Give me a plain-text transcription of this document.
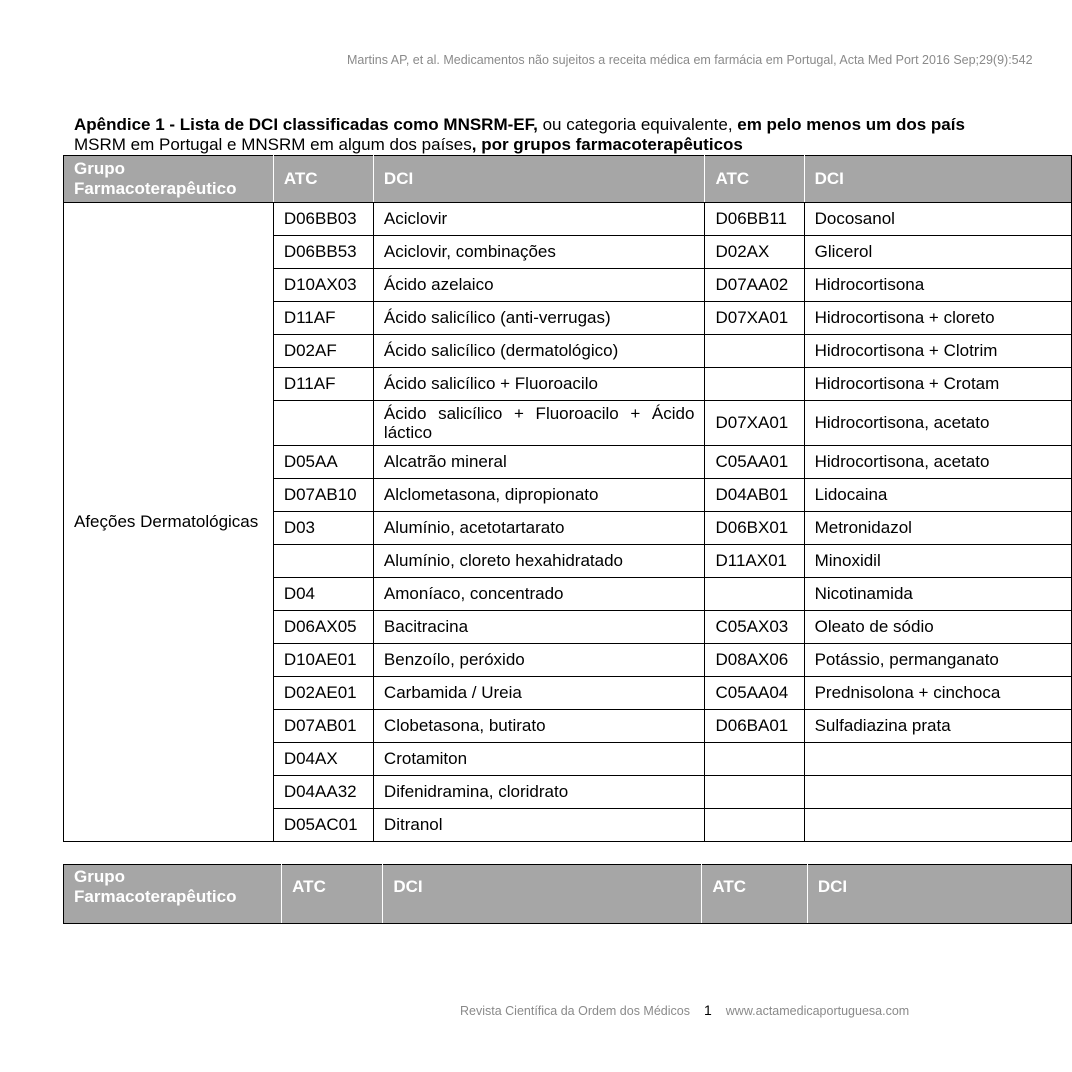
Martins AP, et al. Medicamentos não sujeitos a receita médica em farmácia em Portugal, Acta Med Port 2016 Sep;29(9):542
Apêndice 1 - Lista de DCI classificadas como MNSRM-EF, ou categoria equivalente, em pelo menos um dos país
MSRM em Portugal e MNSRM em algum dos países, por grupos farmacoterapêuticos
Grupo Farmacoterapêutico	ATC	DCI	ATC	DCI
Afeções Dermatológicas	D06BB03	Aciclovir	D06BB11	Docosanol
	D06BB53	Aciclovir, combinações	D02AX	Glicerol
	D10AX03	Ácido azelaico	D07AA02	Hidrocortisona
	D11AF	Ácido salicílico (anti-verrugas)	D07XA01	Hidrocortisona + cloreto
	D02AF	Ácido salicílico (dermatológico)		Hidrocortisona + Clotrim
	D11AF	Ácido salicílico + Fluoroacilo		Hidrocortisona + Crotam
		Ácido salicílico + Fluoroacilo + Ácido láctico	D07XA01	Hidrocortisona, acetato
	D05AA	Alcatrão mineral	C05AA01	Hidrocortisona, acetato
	D07AB10	Alclometasona, dipropionato	D04AB01	Lidocaina
	D03	Alumínio, acetotartarato	D06BX01	Metronidazol
		Alumínio, cloreto hexahidratado	D11AX01	Minoxidil
	D04	Amoníaco, concentrado		Nicotinamida
	D06AX05	Bacitracina	C05AX03	Oleato de sódio
	D10AE01	Benzoílo, peróxido	D08AX06	Potássio, permanganato
	D02AE01	Carbamida / Ureia	C05AA04	Prednisolona + cinchoca
	D07AB01	Clobetasona, butirato	D06BA01	Sulfadiazina prata
	D04AX	Crotamiton		
	D04AA32	Difenidramina, cloridrato		
	D05AC01	Ditranol		
Grupo Farmacoterapêutico	ATC	DCI	ATC	DCI
Revista Científica da Ordem dos Médicos 1 www.actamedicaportuguesa.com
